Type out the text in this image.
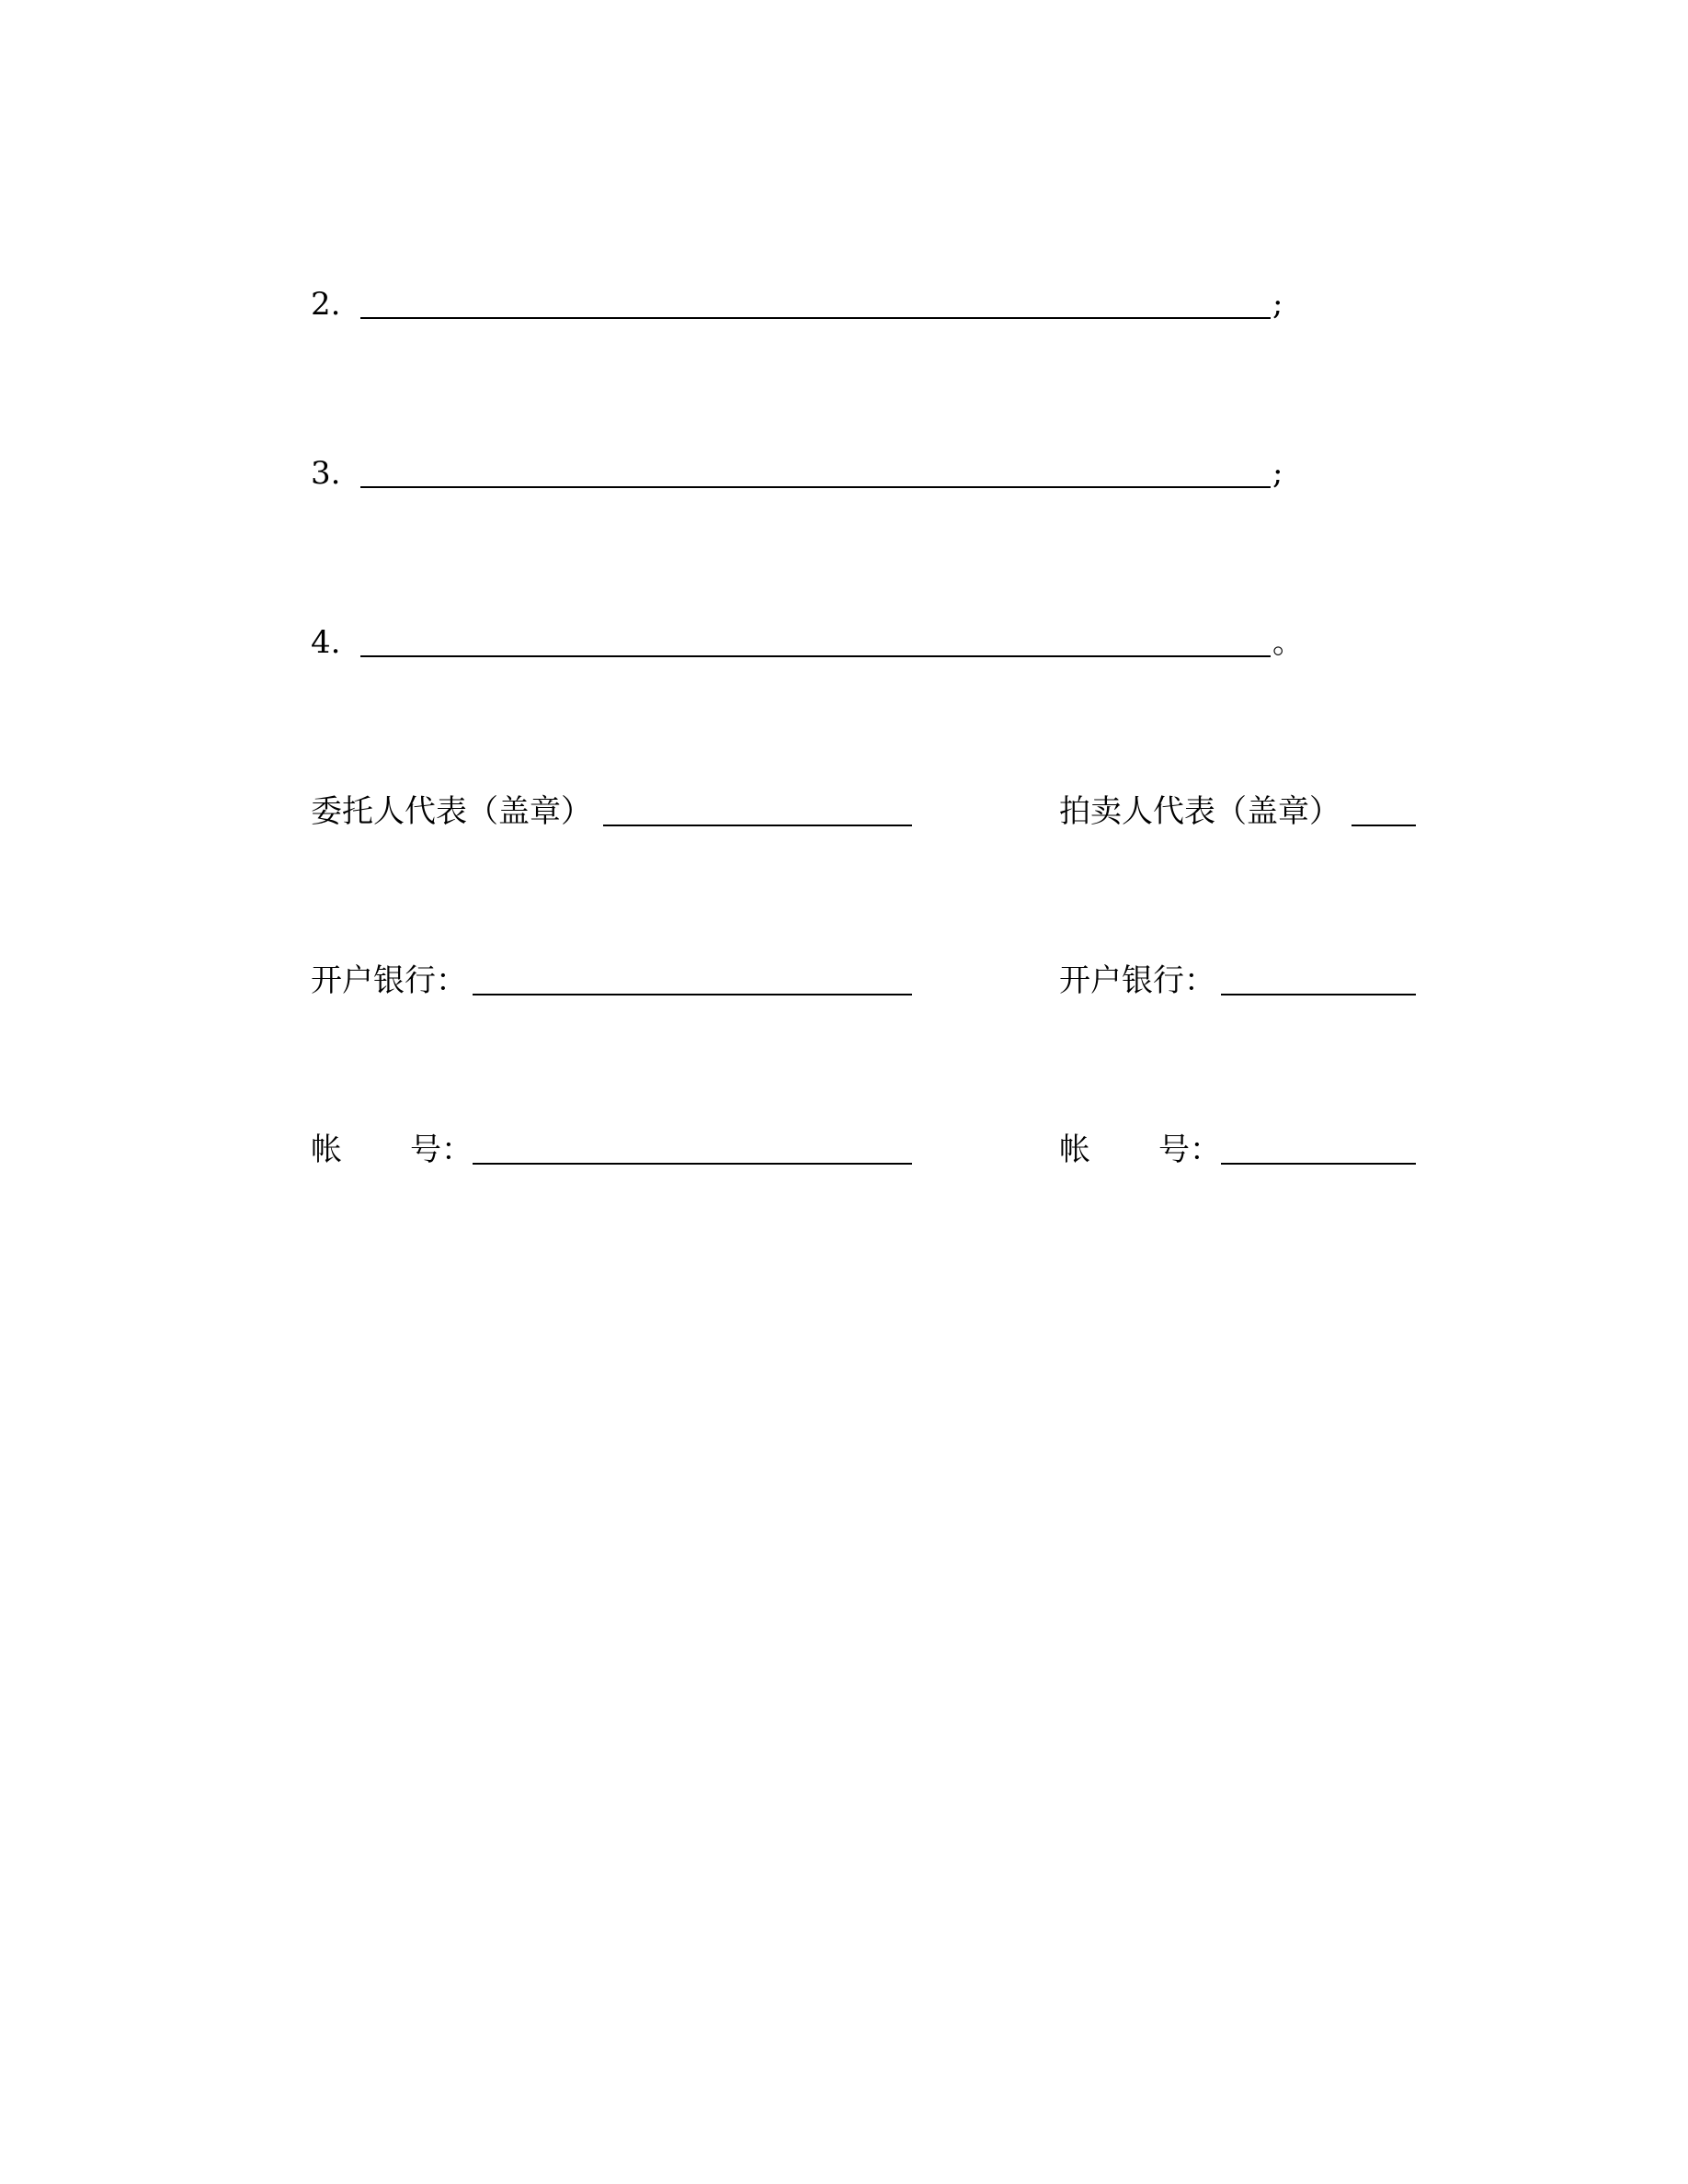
2.	;
3.	;
4.	。
委托人代表（盖章）	拍卖人代表（盖章）
开户银行：	开户银行：
帐 号：	帐 号：
